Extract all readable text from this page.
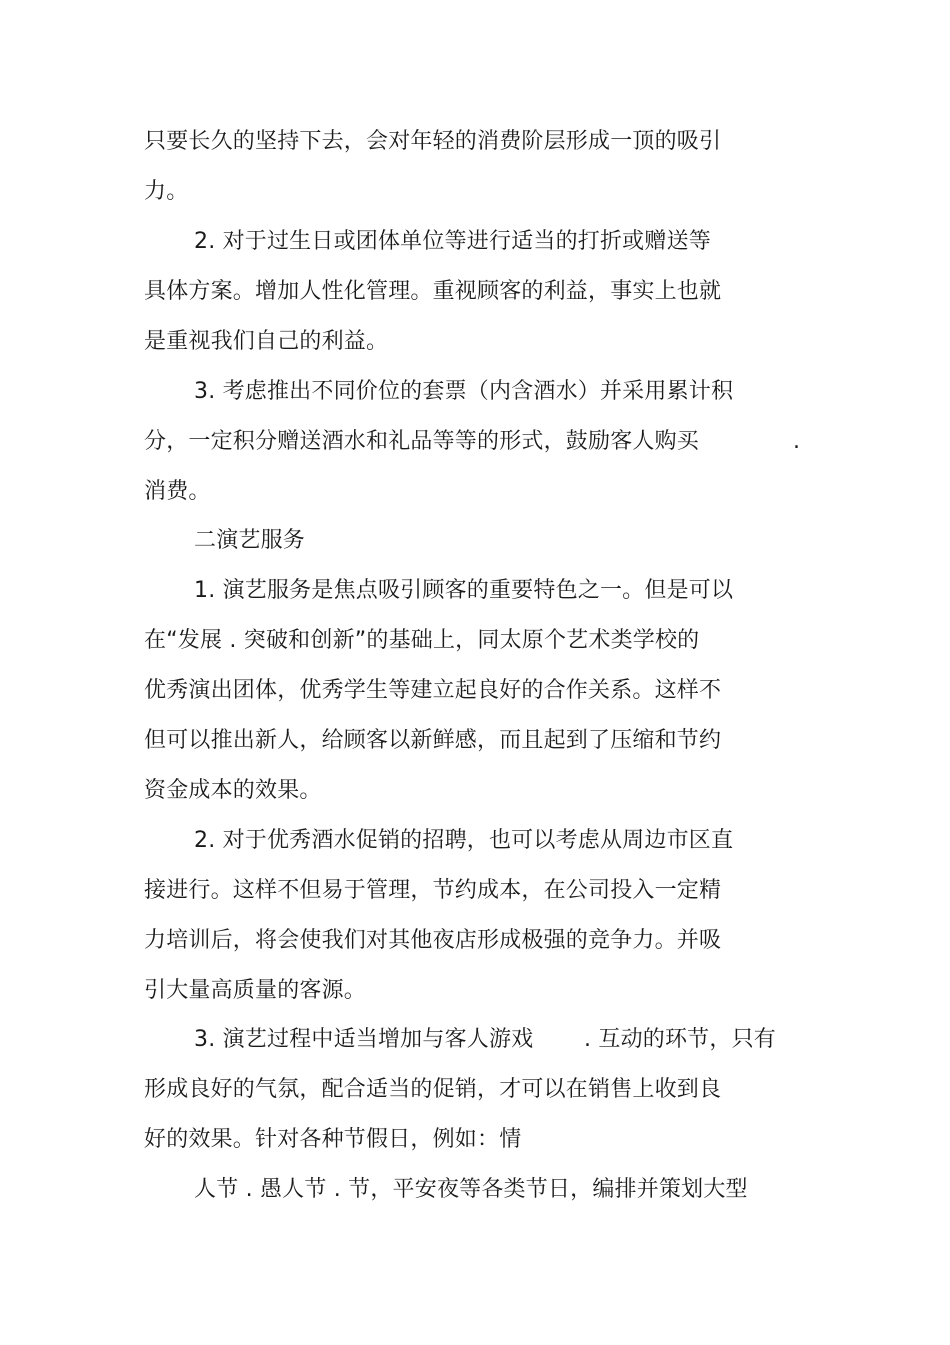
只要长久的坚持下去，会对年轻的消费阶层形成一顶的吸引
力。
2. 对于过生日或团体单位等进行适当的打折或赠送等
具体方案。增加人性化管理。重视顾客的利益，事实上也就
是重视我们自己的利益。
3. 考虑推出不同价位的套票（内含酒水）并采用累计积
分，一定积分赠送酒水和礼品等等的形式，鼓励客人购买	.
消费。
二演艺服务
1. 演艺服务是焦点吸引顾客的重要特色之一。但是可以
在“发展 . 突破和创新”的基础上，同太原个艺术类学校的
优秀演出团体，优秀学生等建立起良好的合作关系。这样不
但可以推出新人，给顾客以新鲜感，而且起到了压缩和节约
资金成本的效果。
2. 对于优秀酒水促销的招聘，也可以考虑从周边市区直
接进行。这样不但易于管理，节约成本，在公司投入一定精
力培训后，将会使我们对其他夜店形成极强的竞争力。并吸
引大量高质量的客源。
3. 演艺过程中适当增加与客人游戏 . 互动的环节，只有
形成良好的气氛，配合适当的促销，才可以在销售上收到良
好的效果。针对各种节假日，例如：情
人节 . 愚人节 . 节，平安夜等各类节日，编排并策划大型
